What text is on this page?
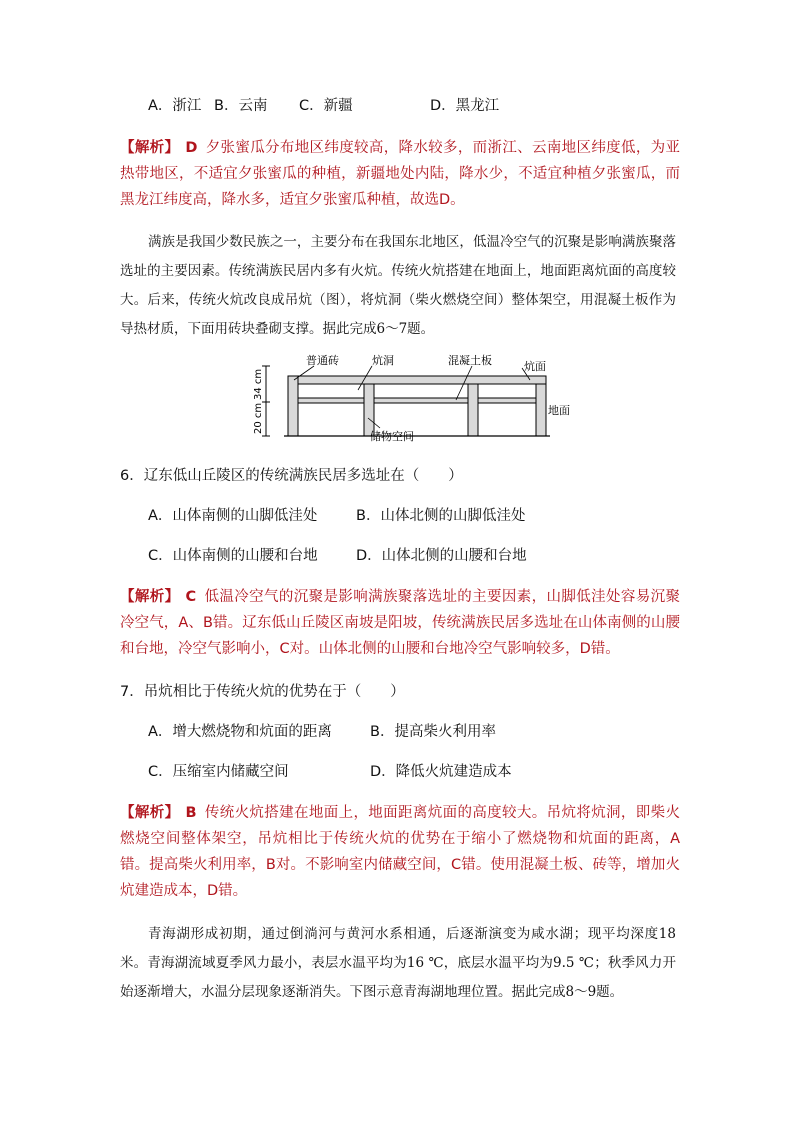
A．浙江 B．云南 C．新疆	D．黑龙江
【解析】 D 夕张蜜瓜分布地区纬度较高，降水较多，而浙江、云南地区纬度低，为亚热带地区，不适宜夕张蜜瓜的种植，新疆地处内陆，降水少，不适宜种植夕张蜜瓜，而黑龙江纬度高，降水多，适宜夕张蜜瓜种植，故选D。
满族是我国少数民族之一，主要分布在我国东北地区，低温冷空气的沉聚是影响满族聚落选址的主要因素。传统满族民居内多有火炕。传统火炕搭建在地面上，地面距离炕面的高度较大。后来，传统火炕改良成吊炕（图），将炕洞（柴火燃烧空间）整体架空，用混凝土板作为导热材质，下面用砖块叠砌支撑。据此完成6～7题。
34 cm
20 cm
普通砖	炕洞	混凝土板	炕面
地面
储物空间
6．辽东低山丘陵区的传统满族民居多选址在（　　）
A．山体南侧的山脚低洼处	B．山体北侧的山脚低洼处
C．山体南侧的山腰和台地	D．山体北侧的山腰和台地
【解析】 C 低温冷空气的沉聚是影响满族聚落选址的主要因素，山脚低洼处容易沉聚冷空气，A、B错。辽东低山丘陵区南坡是阳坡，传统满族民居多选址在山体南侧的山腰和台地，冷空气影响小，C对。山体北侧的山腰和台地冷空气影响较多，D错。
7．吊炕相比于传统火炕的优势在于（　　）
A．增大燃烧物和炕面的距离	B．提高柴火利用率
C．压缩室内储藏空间	D．降低火炕建造成本
【解析】 B 传统火炕搭建在地面上，地面距离炕面的高度较大。吊炕将炕洞，即柴火燃烧空间整体架空，吊炕相比于传统火炕的优势在于缩小了燃烧物和炕面的距离，A错。提高柴火利用率，B对。不影响室内储藏空间，C错。使用混凝土板、砖等，增加火炕建造成本，D错。
青海湖形成初期，通过倒淌河与黄河水系相通，后逐渐演变为咸水湖；现平均深度18米。青海湖流域夏季风力最小，表层水温平均为16 ℃，底层水温平均为9.5 ℃；秋季风力开始逐渐增大，水温分层现象逐渐消失。下图示意青海湖地理位置。据此完成8～9题。
